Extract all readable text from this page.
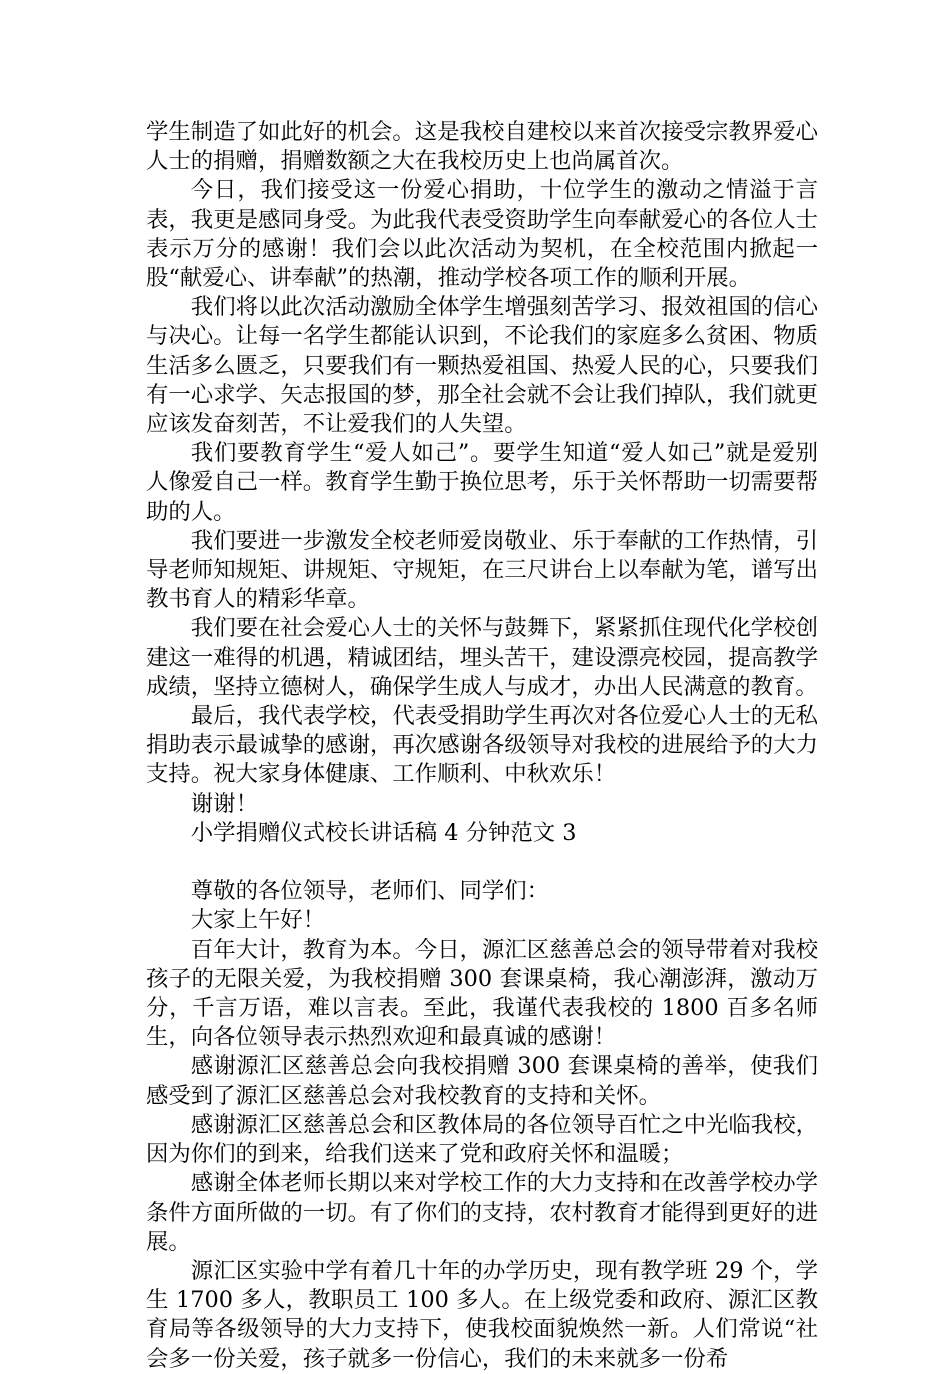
学生制造了如此好的机会。这是我校自建校以来首次接受宗教界爱心人士的捐赠，捐赠数额之大在我校历史上也尚属首次。

今日，我们接受这一份爱心捐助，十位学生的激动之情溢于言表，我更是感同身受。为此我代表受资助学生向奉献爱心的各位人士表示万分的感谢！我们会以此次活动为契机，在全校范围内掀起一股“献爱心、讲奉献”的热潮，推动学校各项工作的顺利开展。

我们将以此次活动激励全体学生增强刻苦学习、报效祖国的信心与决心。让每一名学生都能认识到，不论我们的家庭多么贫困、物质生活多么匮乏，只要我们有一颗热爱祖国、热爱人民的心，只要我们有一心求学、矢志报国的梦，那全社会就不会让我们掉队，我们就更应该发奋刻苦，不让爱我们的人失望。

我们要教育学生“爱人如己”。要学生知道“爱人如己”就是爱别人像爱自己一样。教育学生勤于换位思考，乐于关怀帮助一切需要帮助的人。

我们要进一步激发全校老师爱岗敬业、乐于奉献的工作热情，引导老师知规矩、讲规矩、守规矩，在三尺讲台上以奉献为笔，谱写出教书育人的精彩华章。

我们要在社会爱心人士的关怀与鼓舞下，紧紧抓住现代化学校创建这一难得的机遇，精诚团结，埋头苦干，建设漂亮校园，提高教学成绩，坚持立德树人，确保学生成人与成才，办出人民满意的教育。

最后，我代表学校，代表受捐助学生再次对各位爱心人士的无私捐助表示最诚挚的感谢，再次感谢各级领导对我校的进展给予的大力支持。祝大家身体健康、工作顺利、中秋欢乐！

谢谢！

小学捐赠仪式校长讲话稿 4 分钟范文 3

尊敬的各位领导，老师们、同学们：

大家上午好！

百年大计，教育为本。今日，源汇区慈善总会的领导带着对我校孩子的无限关爱，为我校捐赠 300 套课桌椅，我心潮澎湃，激动万分，千言万语，难以言表。至此，我谨代表我校的 1800 百多名师生，向各位领导表示热烈欢迎和最真诚的感谢！

感谢源汇区慈善总会向我校捐赠 300 套课桌椅的善举，使我们感受到了源汇区慈善总会对我校教育的支持和关怀。

感谢源汇区慈善总会和区教体局的各位领导百忙之中光临我校，因为你们的到来，给我们送来了党和政府关怀和温暖；

感谢全体老师长期以来对学校工作的大力支持和在改善学校办学条件方面所做的一切。有了你们的支持，农村教育才能得到更好的进展。

源汇区实验中学有着几十年的办学历史，现有教学班 29 个，学生 1700 多人，教职员工 100 多人。在上级党委和政府、源汇区教育局等各级领导的大力支持下，使我校面貌焕然一新。人们常说“社会多一份关爱，孩子就多一份信心，我们的未来就多一份希
